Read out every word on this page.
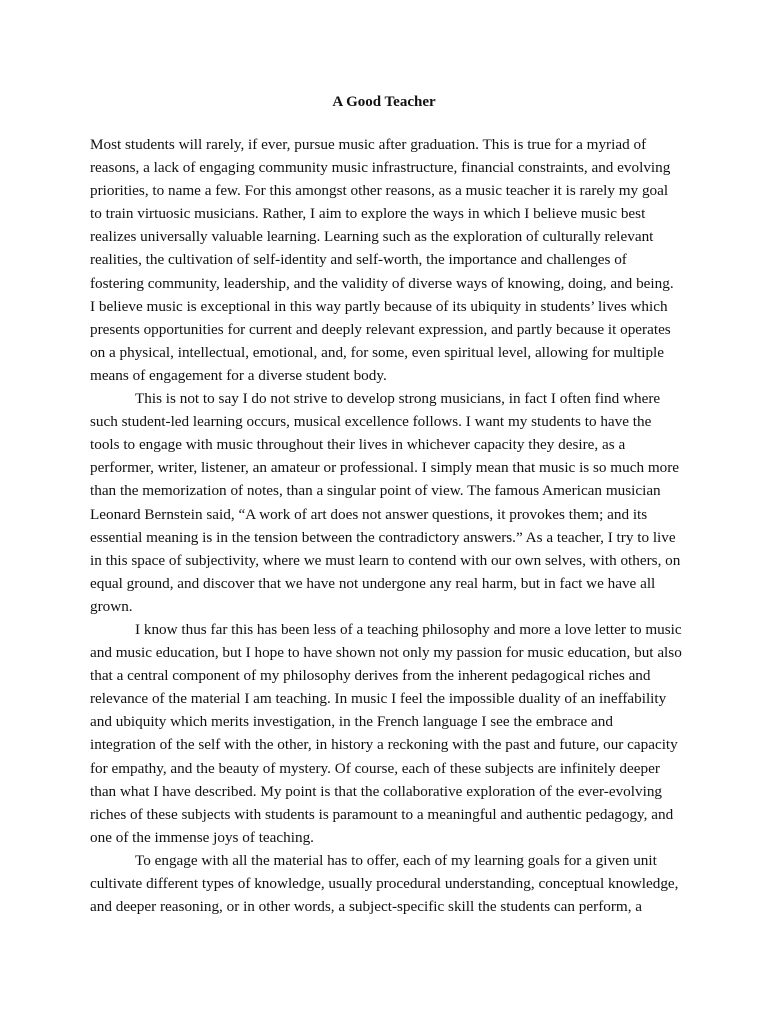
A Good Teacher
Most students will rarely, if ever, pursue music after graduation. This is true for a myriad of
reasons, a lack of engaging community music infrastructure, financial constraints, and evolving
priorities, to name a few. For this amongst other reasons, as a music teacher it is rarely my goal
to train virtuosic musicians. Rather, I aim to explore the ways in which I believe music best
realizes universally valuable learning. Learning such as the exploration of culturally relevant
realities, the cultivation of self-identity and self-worth, the importance and challenges of
fostering community, leadership, and the validity of diverse ways of knowing, doing, and being.
I believe music is exceptional in this way partly because of its ubiquity in students’ lives which
presents opportunities for current and deeply relevant expression, and partly because it operates
on a physical, intellectual, emotional, and, for some, even spiritual level, allowing for multiple
means of engagement for a diverse student body.
This is not to say I do not strive to develop strong musicians, in fact I often find where
such student-led learning occurs, musical excellence follows. I want my students to have the
tools to engage with music throughout their lives in whichever capacity they desire, as a
performer, writer, listener, an amateur or professional. I simply mean that music is so much more
than the memorization of notes, than a singular point of view. The famous American musician
Leonard Bernstein said, “A work of art does not answer questions, it provokes them; and its
essential meaning is in the tension between the contradictory answers.” As a teacher, I try to live
in this space of subjectivity, where we must learn to contend with our own selves, with others, on
equal ground, and discover that we have not undergone any real harm, but in fact we have all
grown.
I know thus far this has been less of a teaching philosophy and more a love letter to music
and music education, but I hope to have shown not only my passion for music education, but also
that a central component of my philosophy derives from the inherent pedagogical riches and
relevance of the material I am teaching. In music I feel the impossible duality of an ineffability
and ubiquity which merits investigation, in the French language I see the embrace and
integration of the self with the other, in history a reckoning with the past and future, our capacity
for empathy, and the beauty of mystery. Of course, each of these subjects are infinitely deeper
than what I have described. My point is that the collaborative exploration of the ever-evolving
riches of these subjects with students is paramount to a meaningful and authentic pedagogy, and
one of the immense joys of teaching.
To engage with all the material has to offer, each of my learning goals for a given unit
cultivate different types of knowledge, usually procedural understanding, conceptual knowledge,
and deeper reasoning, or in other words, a subject-specific skill the students can perform, a
